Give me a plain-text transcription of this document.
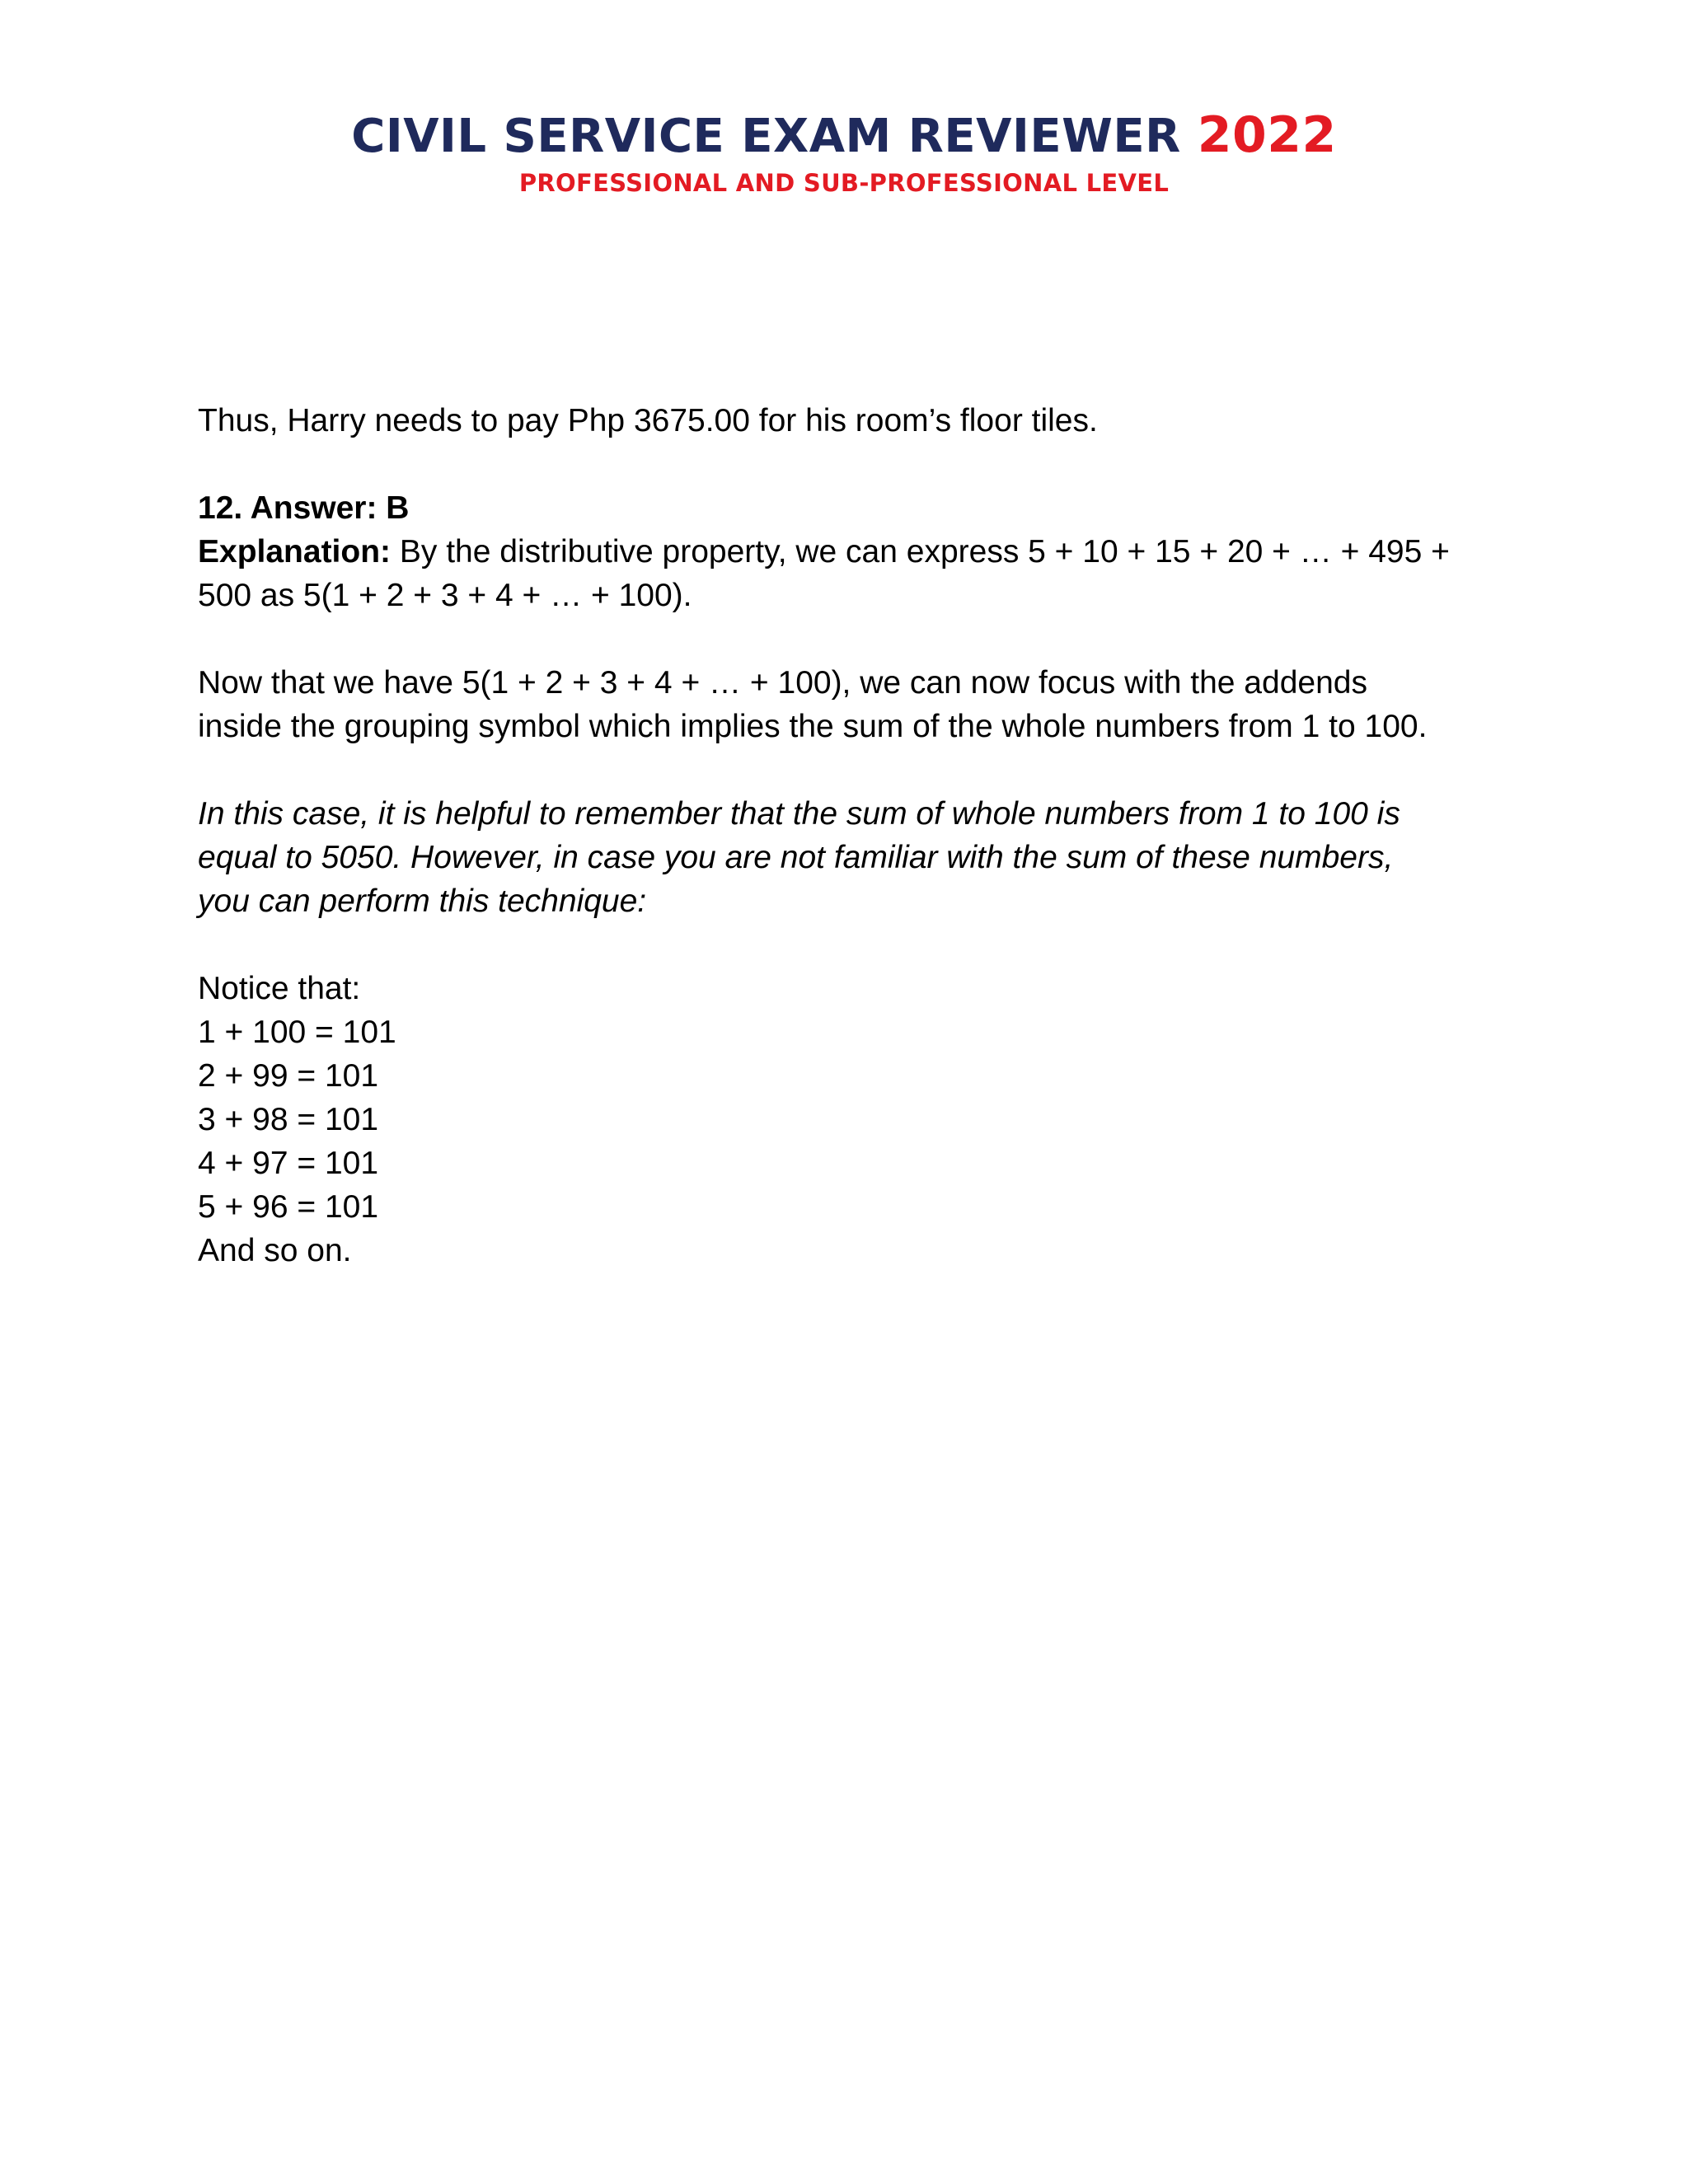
CIVIL SERVICE EXAM REVIEWER 2022
PROFESSIONAL AND SUB-PROFESSIONAL LEVEL

Thus, Harry needs to pay Php 3675.00 for his room’s floor tiles.

12. Answer: B

Explanation: By the distributive property, we can express 5 + 10 + 15 + 20 + … + 495 +
500 as 5(1 + 2 + 3 + 4 + … + 100).

Now that we have 5(1 + 2 + 3 + 4 + … + 100), we can now focus with the addends
inside the grouping symbol which implies the sum of the whole numbers from 1 to 100.

In this case, it is helpful to remember that the sum of whole numbers from 1 to 100 is
equal to 5050. However, in case you are not familiar with the sum of these numbers,
you can perform this technique:

Notice that:
1 + 100 = 101
2 + 99 = 101
3 + 98 = 101
4 + 97 = 101
5 + 96 = 101
And so on.
